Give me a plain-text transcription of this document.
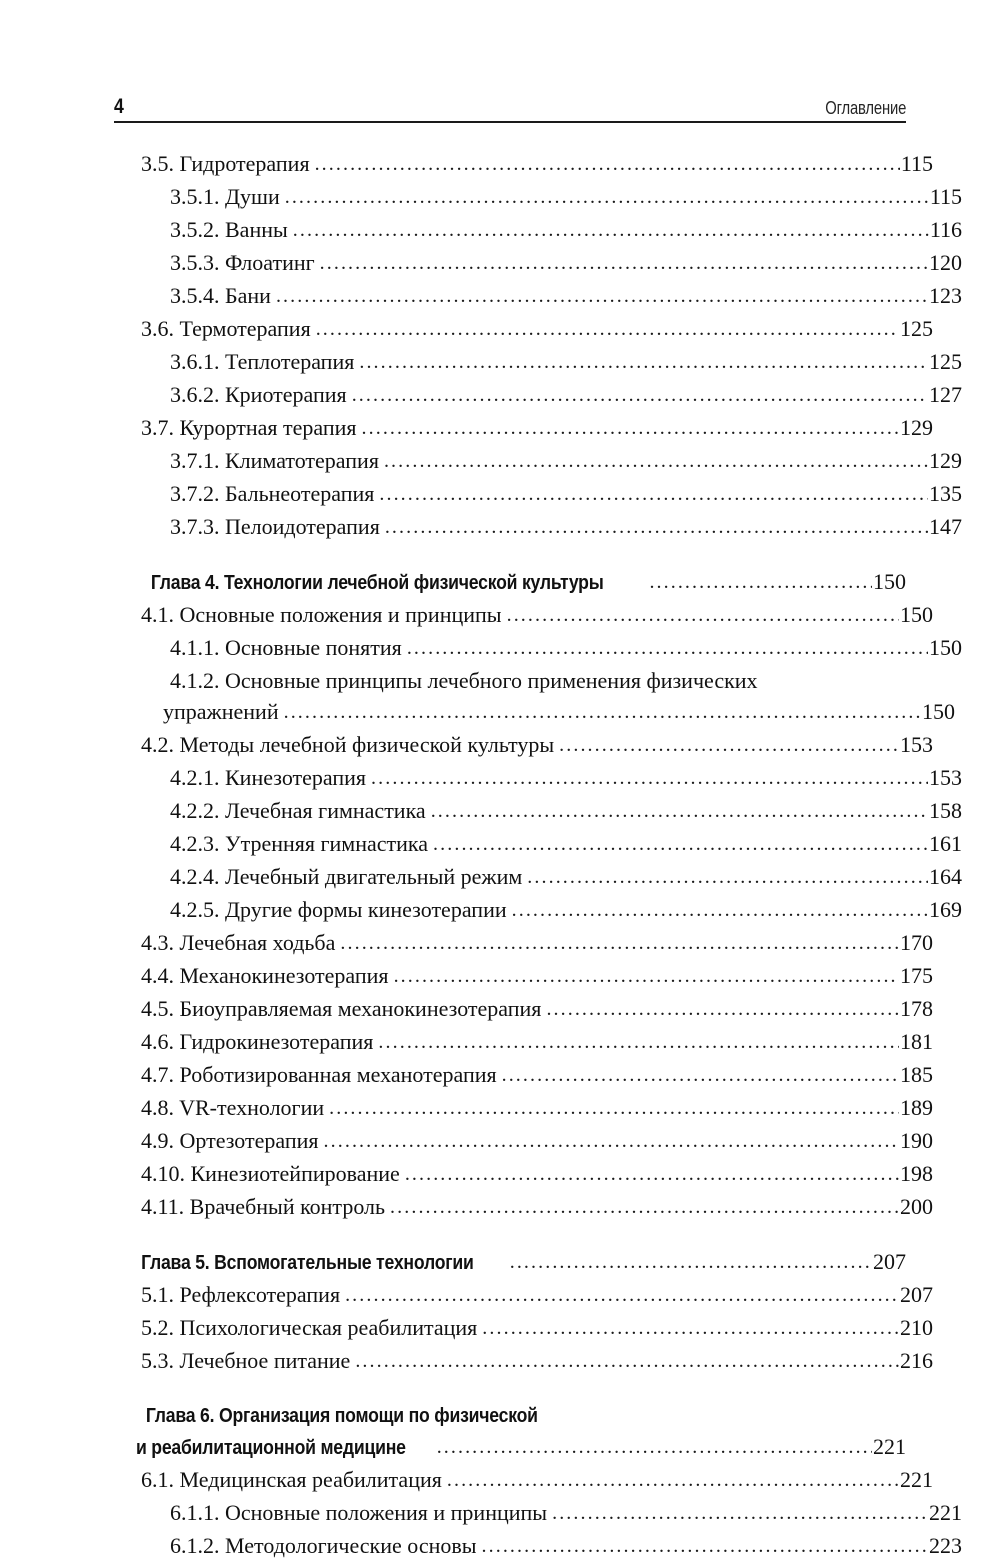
4	Оглавление
3.5. Гидротерапия .....	115
3.5.1. Души .....	115
3.5.2. Ванны .....	116
3.5.3. Флоатинг .....	120
3.5.4. Бани .....	123
3.6. Термотерапия .....	125
3.6.1. Теплотерапия .....	125
3.6.2. Криотерапия .....	127
3.7. Курортная терапия .....	129
3.7.1. Климатотерапия .....	129
3.7.2. Бальнеотерапия .....	135
3.7.3. Пелоидотерапия .....	147
Глава 4. Технологии лечебной физической культуры .....	150
4.1. Основные положения и принципы .....	150
4.1.1. Основные понятия .....	150
4.1.2. Основные принципы лечебного применения физических
упражнений .....	150
4.2. Методы лечебной физической культуры .....	153
4.2.1. Кинезотерапия .....	153
4.2.2. Лечебная гимнастика .....	158
4.2.3. Утренняя гимнастика .....	161
4.2.4. Лечебный двигательный режим .....	164
4.2.5. Другие формы кинезотерапии .....	169
4.3. Лечебная ходьба .....	170
4.4. Механокинезотерапия .....	175
4.5. Биоуправляемая механокинезотерапия .....	178
4.6. Гидрокинезотерапия .....	181
4.7. Роботизированная механотерапия .....	185
4.8. VR-технологии .....	189
4.9. Ортезотерапия .....	190
4.10. Кинезиотейпирование .....	198
4.11. Врачебный контроль .....	200
Глава 5. Вспомогательные технологии .....	207
5.1. Рефлексотерапия .....	207
5.2. Психологическая реабилитация .....	210
5.3. Лечебное питание .....	216
Глава 6. Организация помощи по физической
и реабилитационной медицине .....	221
6.1. Медицинская реабилитация .....	221
6.1.1. Основные положения и принципы .....	221
6.1.2. Методологические основы .....	223
